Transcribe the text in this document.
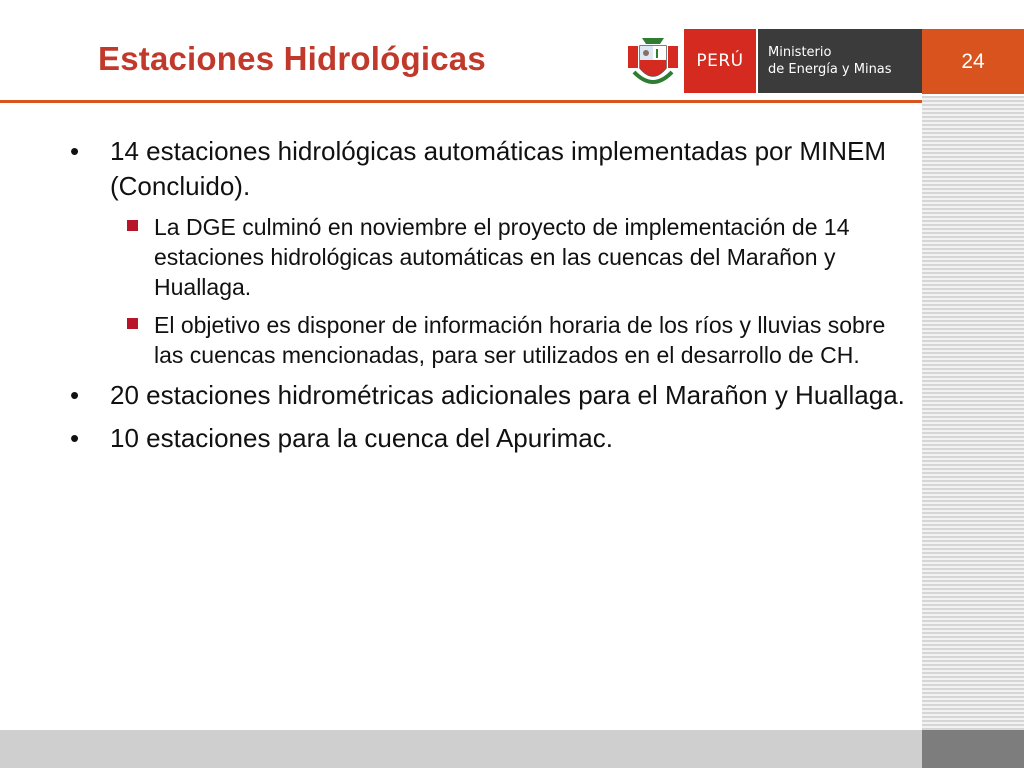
Estaciones Hidrológicas	PERÚ	Ministerio
de Energía y Minas	24
•	14 estaciones hidrológicas automáticas implementadas por MINEM (Concluido).
La DGE culminó en noviembre el proyecto de implementación de 14 estaciones hidrológicas automáticas en las cuencas del Marañon y Huallaga.
El objetivo es disponer de información horaria de los ríos y lluvias sobre las cuencas mencionadas, para ser utilizados en el desarrollo de CH.
•	20 estaciones hidrométricas adicionales para el Marañon y Huallaga.
•	10 estaciones para la cuenca del Apurimac.
